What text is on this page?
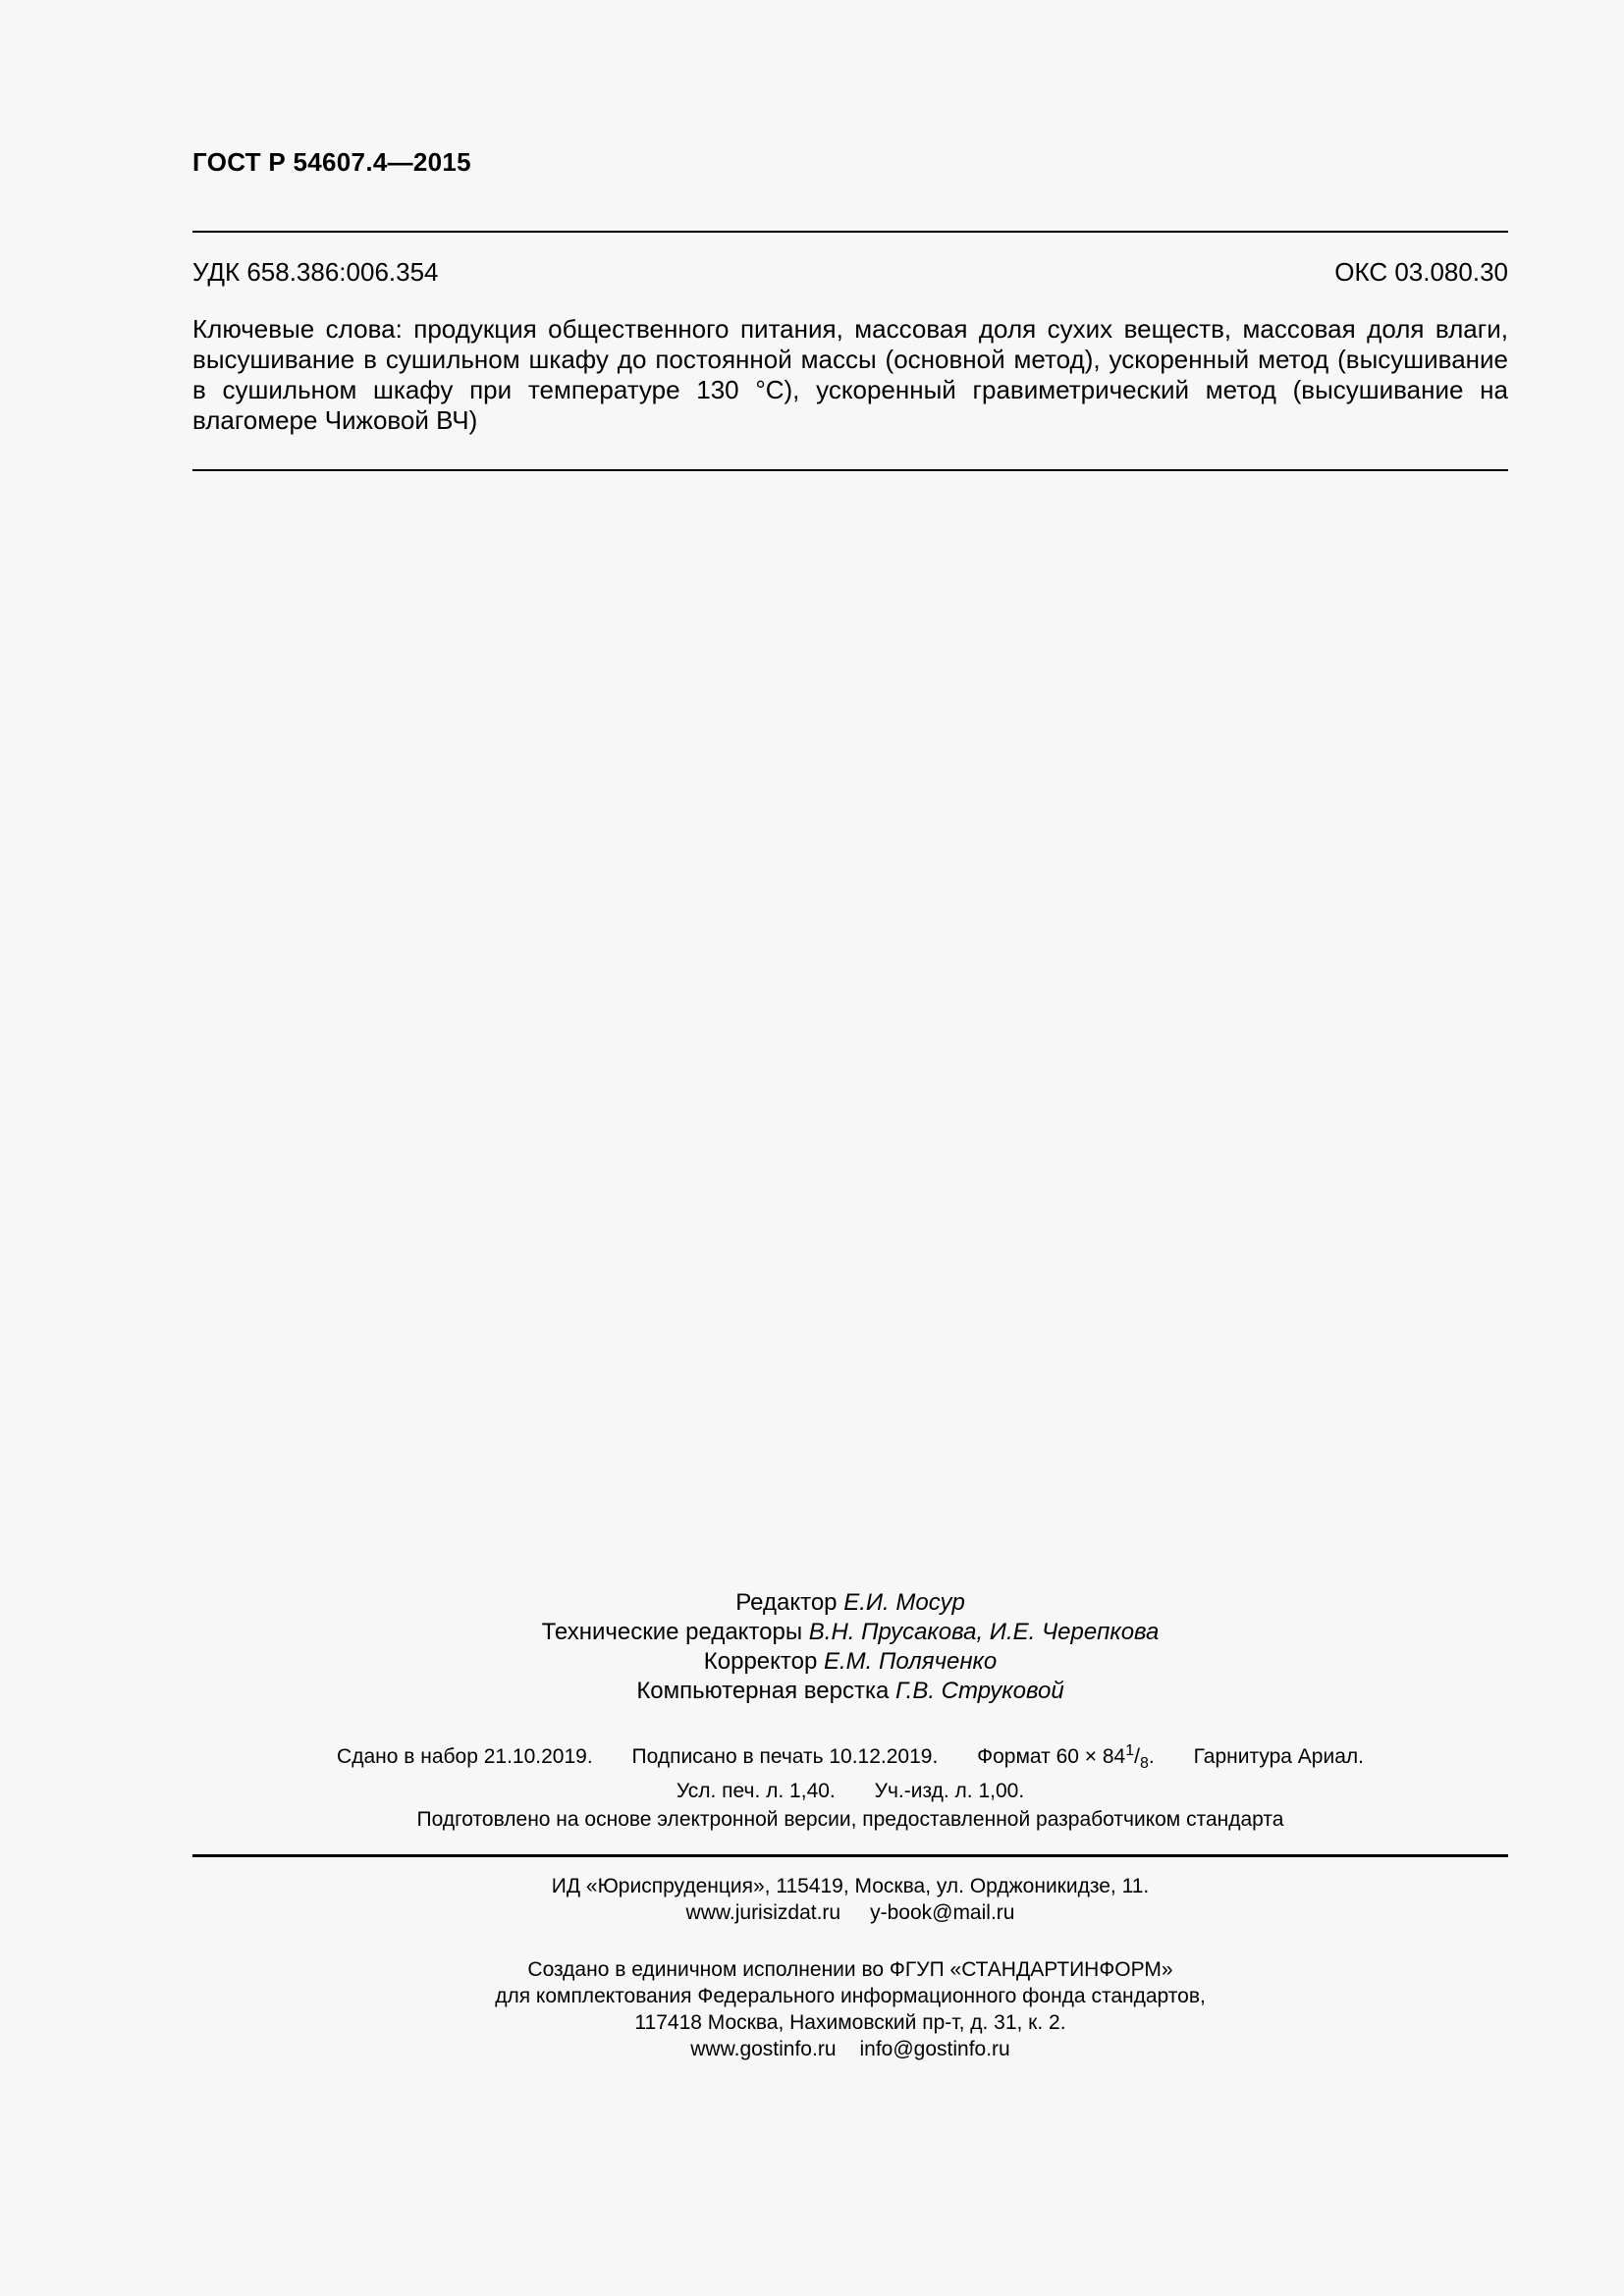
ГОСТ Р 54607.4—2015
УДК 658.386:006.354	ОКС 03.080.30

Ключевые слова: продукция общественного питания, массовая доля сухих веществ, массовая доля влаги, высушивание в сушильном шкафу до постоянной массы (основной метод), ускоренный метод (высушивание в сушильном шкафу при температуре 130 °С), ускоренный гравиметрический метод (высушивание на влагомере Чижовой ВЧ)

Редактор Е.И. Мосур
Технические редакторы В.Н. Прусакова, И.Е. Черепкова
Корректор Е.М. Поляченко
Компьютерная верстка Г.В. Струковой
Сдано в набор 21.10.2019. Подписано в печать 10.12.2019. Формат $60 \times 84^1/_8$. Гарнитура Ариал.
Усл. печ. л. 1,40. Уч.-изд. л. 1,00.
Подготовлено на основе электронной версии, предоставленной разработчиком стандарта
ИД «Юриспруденция», 115419, Москва, ул. Орджоникидзе, 11.
www.jurisizdat.ru y-book@mail.ru
Создано в единичном исполнении во ФГУП «СТАНДАРТИНФОРМ»
для комплектования Федерального информационного фонда стандартов,
117418 Москва, Нахимовский пр-т, д. 31, к. 2.
www.gostinfo.ru info@gostinfo.ru
